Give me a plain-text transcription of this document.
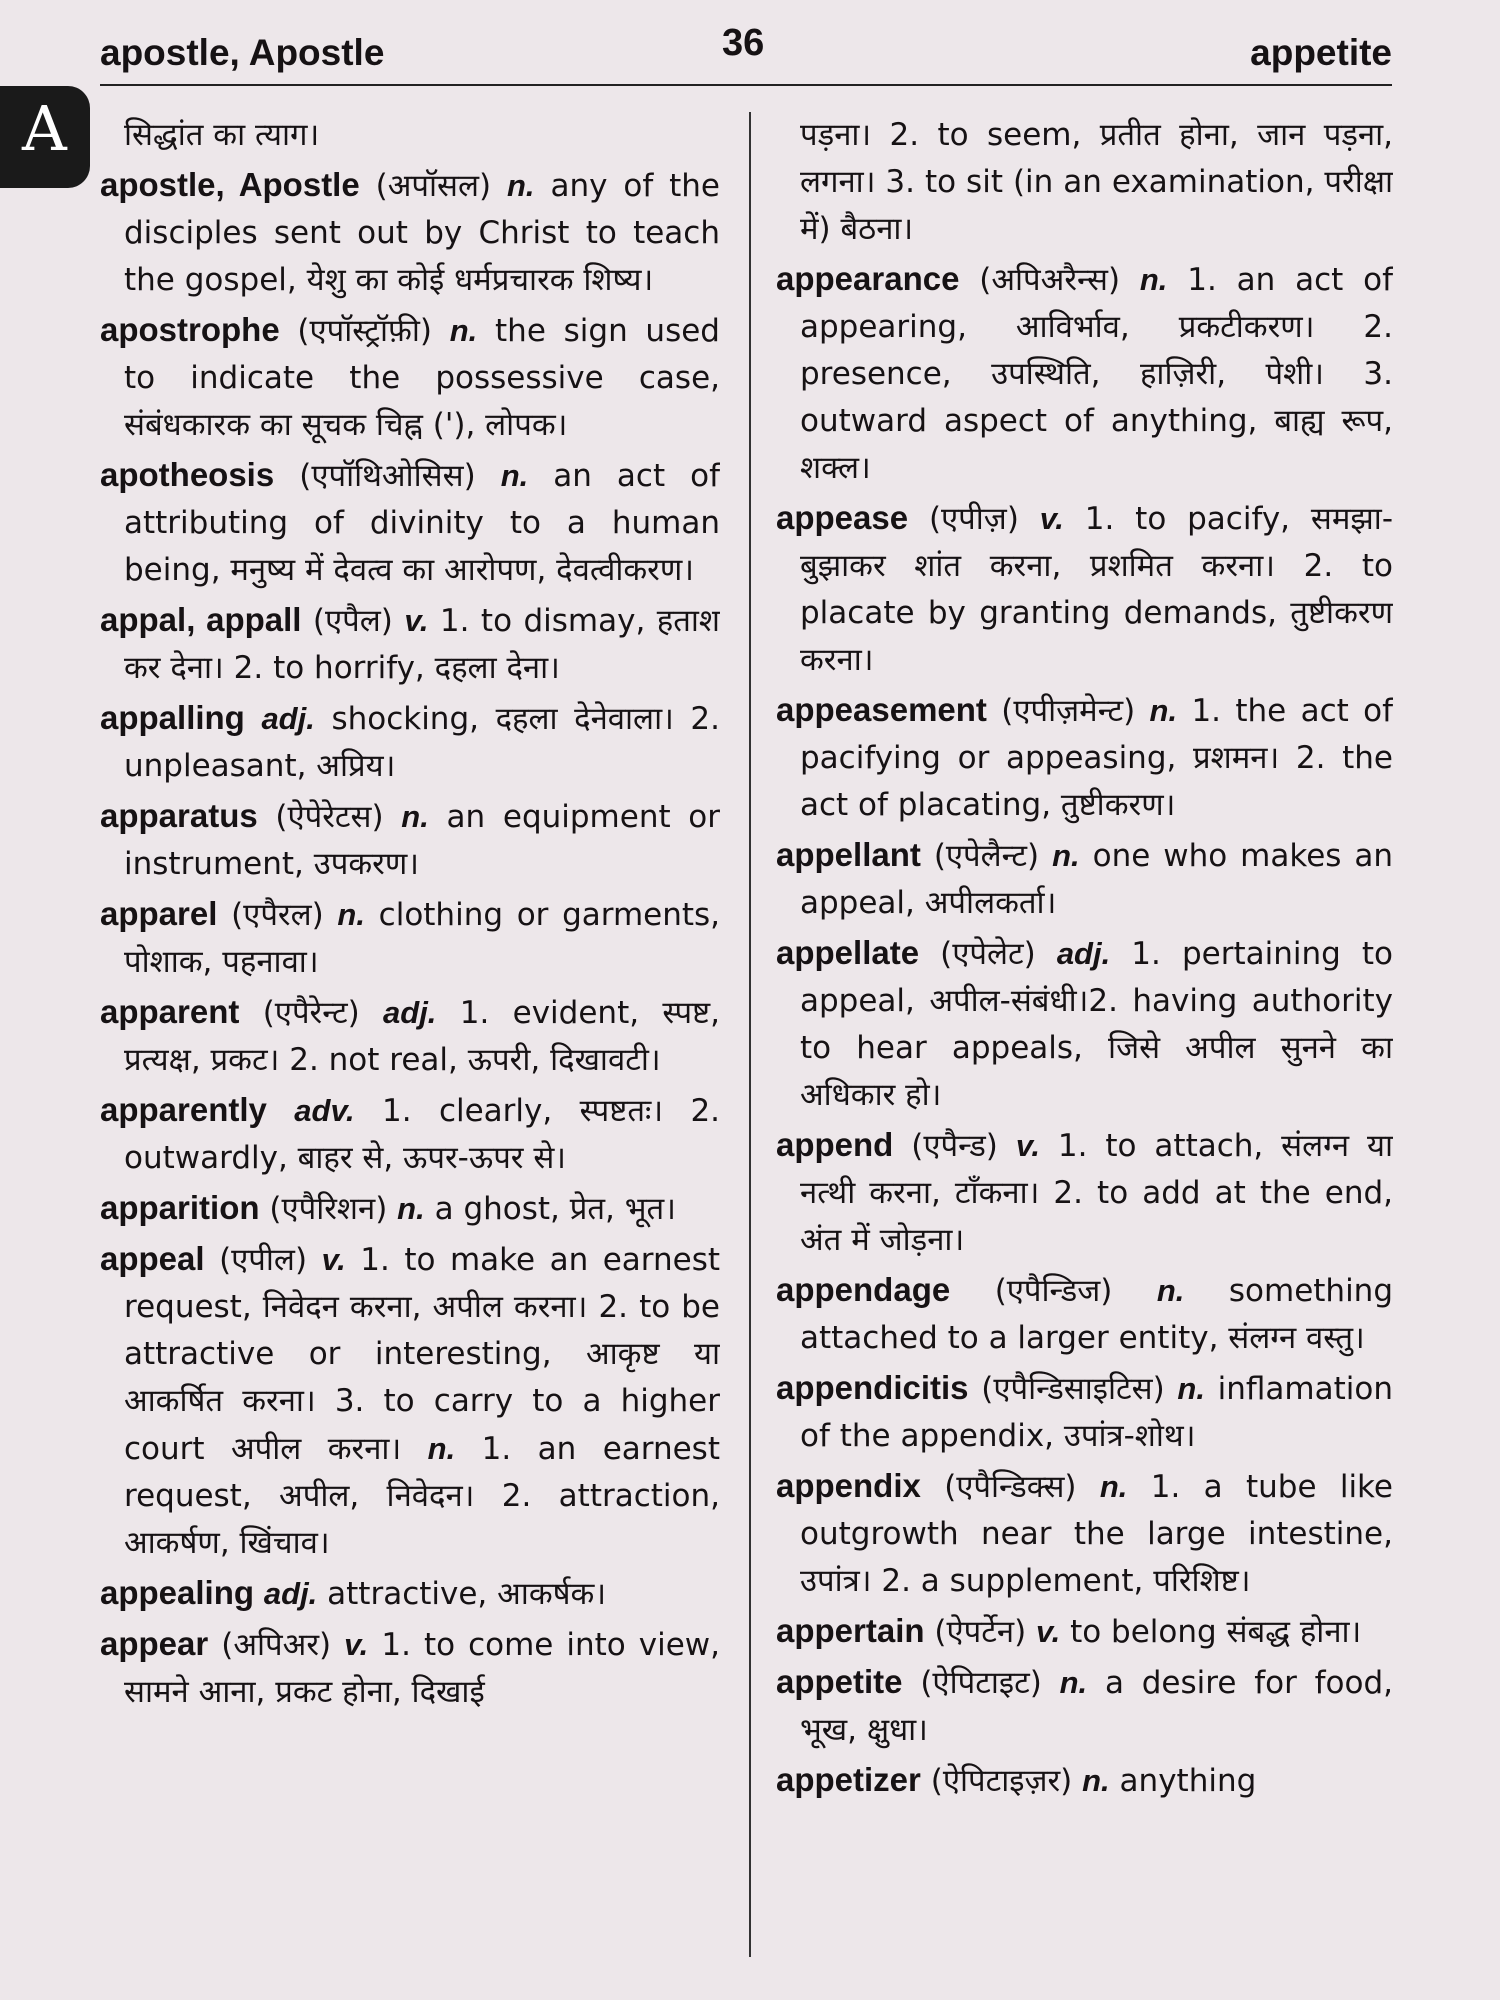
apostle, Apostle	36	appetite
A	सिद्धांत का त्याग।

apostle, Apostle (अपॉसल) n. any of the disciples sent out by Christ to teach the gospel, येशु का कोई धर्मप्रचारक शिष्य।

apostrophe (एपॉस्ट्रॉफ़ी) n. the sign used to indicate the possessive case, संबंधकारक का सूचक चिह्न ('), लोपक।

apotheosis (एपॉथिओसिस) n. an act of attributing of divinity to a human being, मनुष्य में देवत्व का आरोपण, देवत्वीकरण।

appal, appall (एपैल) v. 1. to dismay, हताश कर देना। 2. to horrify, दहला देना।

appalling adj. shocking, दहला देनेवाला। 2. unpleasant, अप्रिय।

apparatus (ऐपेरेटस) n. an equipment or instrument, उपकरण।

apparel (एपैरल) n. clothing or garments, पोशाक, पहनावा।

apparent (एपैरेन्ट) adj. 1. evident, स्पष्ट, प्रत्यक्ष, प्रकट। 2. not real, ऊपरी, दिखावटी।

apparently adv. 1. clearly, स्पष्टतः। 2. outwardly, बाहर से, ऊपर-ऊपर से।

apparition (एपैरिशन) n. a ghost, प्रेत, भूत।

appeal (एपील) v. 1. to make an earnest request, निवेदन करना, अपील करना। 2. to be attractive or interesting, आकृष्ट या आकर्षित करना। 3. to carry to a higher court अपील करना। n. 1. an earnest request, अपील, निवेदन। 2. attraction, आकर्षण, खिंचाव।

appealing adj. attractive, आकर्षक।

appear (अपिअर) v. 1. to come into view, सामने आना, प्रकट होना, दिखाई

पड़ना। 2. to seem, प्रतीत होना, जान पड़ना, लगना। 3. to sit (in an examination, परीक्षा में) बैठना।

appearance (अपिअरैन्स) n. 1. an act of appearing, आविर्भाव, प्रकटीकरण। 2. presence, उपस्थिति, हाज़िरी, पेशी। 3. outward aspect of anything, बाह्य रूप, शक्ल।

appease (एपीज़) v. 1. to pacify, समझा-बुझाकर शांत करना, प्रशमित करना। 2. to placate by granting demands, तुष्टीकरण करना।

appeasement (एपीज़मेन्ट) n. 1. the act of pacifying or appeasing, प्रशमन। 2. the act of placating, तुष्टीकरण।

appellant (एपेलैन्ट) n. one who makes an appeal, अपीलकर्ता।

appellate (एपेलेट) adj. 1. pertaining to appeal, अपील-संबंधी।2. having authority to hear appeals, जिसे अपील सुनने का अधिकार हो।

append (एपैन्ड) v. 1. to attach, संलग्न या नत्थी करना, टाँकना। 2. to add at the end, अंत में जोड़ना।

appendage (एपैन्डिज) n. something attached to a larger entity, संलग्न वस्तु।

appendicitis (एपैन्डिसाइटिस) n. inflamation of the appendix, उपांत्र-शोथ।

appendix (एपैन्डिक्स) n. 1. a tube like outgrowth near the large intestine, उपांत्र। 2. a supplement, परिशिष्ट।

appertain (ऐपर्टेन) v. to belong संबद्ध होना।

appetite (ऐपिटाइट) n. a desire for food, भूख, क्षुधा।

appetizer (ऐपिटाइज़र) n. anything
